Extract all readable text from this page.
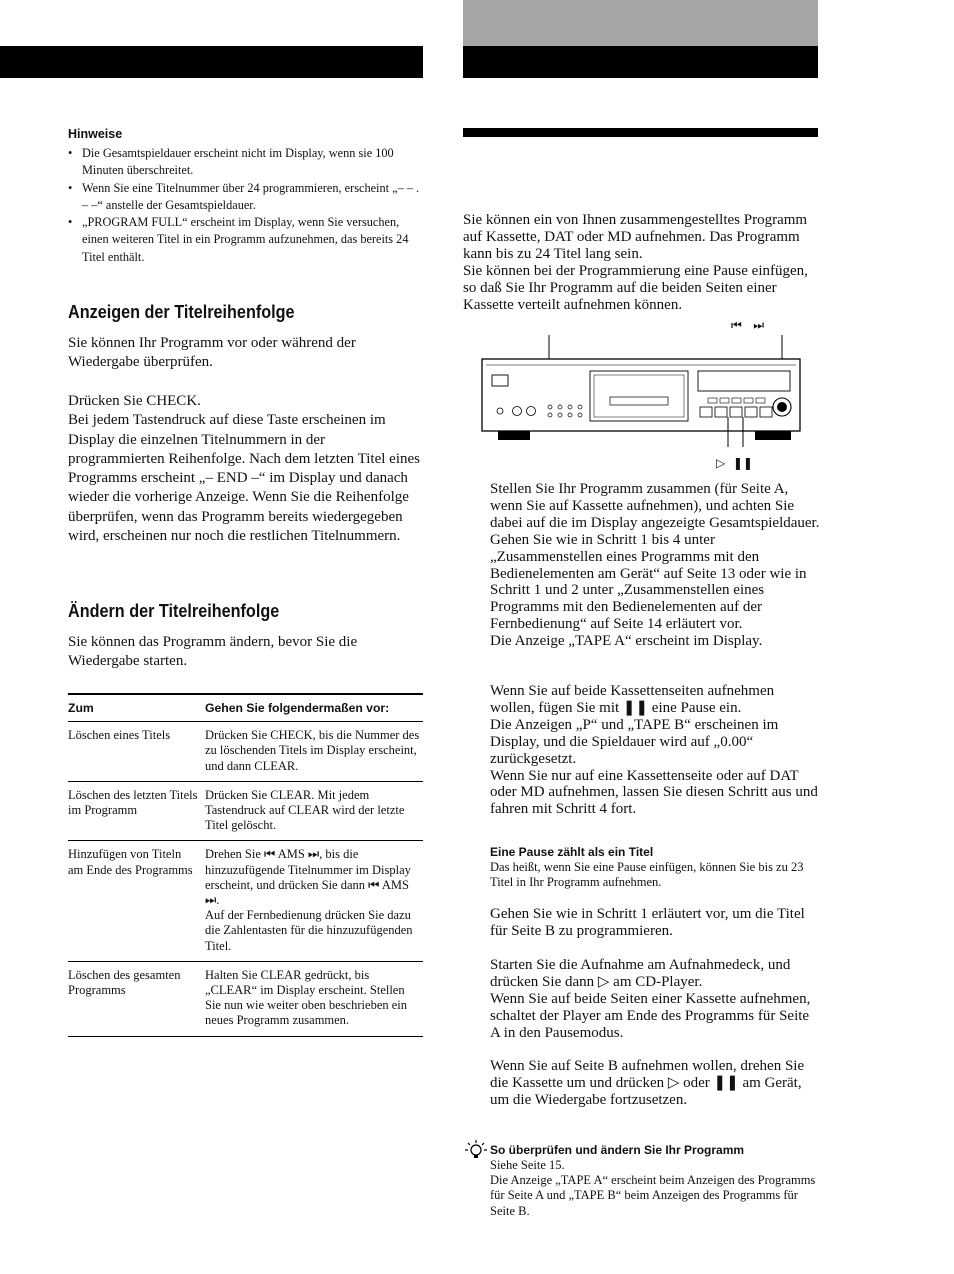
Hinweise
• Die Gesamtspieldauer erscheint nicht im Display, wenn sie 100 Minuten überschreitet.
• Wenn Sie eine Titelnummer über 24 programmieren, erscheint „– – . – –“ anstelle der Gesamtspieldauer.
• „PROGRAM FULL“ erscheint im Display, wenn Sie versuchen, einen weiteren Titel in ein Programm aufzunehmen, das bereits 24 Titel enthält.
Anzeigen der Titelreihenfolge
Sie können Ihr Programm vor oder während der Wiedergabe überprüfen.
Drücken Sie CHECK.
Bei jedem Tastendruck auf diese Taste erscheinen im Display die einzelnen Titelnummern in der programmierten Reihenfolge. Nach dem letzten Titel eines Programms erscheint „– END –“ im Display und danach wieder die vorherige Anzeige. Wenn Sie die Reihenfolge überprüfen, wenn das Programm bereits wiedergegeben wird, erscheinen nur noch die restlichen Titelnummern.
Ändern der Titelreihenfolge
Sie können das Programm ändern, bevor Sie die Wiedergabe starten.
Zum	Gehen Sie folgendermaßen vor:
Löschen eines Titels	Drücken Sie CHECK, bis die Nummer des zu löschenden Titels im Display erscheint, und dann CLEAR.
Löschen des letzten Titels im Programm	Drücken Sie CLEAR. Mit jedem Tastendruck auf CLEAR wird der letzte Titel gelöscht.
Hinzufügen von Titeln am Ende des Programms	Drehen Sie ⏮ AMS ⏭, bis die hinzuzufügende Titelnummer im Display erscheint, und drücken Sie dann ⏮ AMS ⏭.
Auf der Fernbedienung drücken Sie dazu die Zahlentasten für die hinzuzufügenden Titel.
Löschen des gesamten Programms	Halten Sie CLEAR gedrückt, bis „CLEAR“ im Display erscheint. Stellen Sie nun wie weiter oben beschrieben ein neues Programm zusammen.
Sie können ein von Ihnen zusammengestelltes Programm auf Kassette, DAT oder MD aufnehmen. Das Programm kann bis zu 24 Titel lang sein.
Sie können bei der Programmierung eine Pause einfügen, so daß Sie Ihr Programm auf die beiden Seiten einer Kassette verteilt aufnehmen können.
⏮   ⏭
▷  ❚❚
Stellen Sie Ihr Programm zusammen (für Seite A, wenn Sie auf Kassette aufnehmen), und achten Sie dabei auf die im Display angezeigte Gesamtspieldauer.
Gehen Sie wie in Schritt 1 bis 4 unter „Zusammenstellen eines Programms mit den Bedienelementen am Gerät“ auf Seite 13 oder wie in Schritt 1 und 2 unter „Zusammenstellen eines Programms mit den Bedienelementen auf der Fernbedienung“ auf Seite 14 erläutert vor.
Die Anzeige „TAPE A“ erscheint im Display.
Wenn Sie auf beide Kassettenseiten aufnehmen wollen, fügen Sie mit ❚❚ eine Pause ein.
Die Anzeigen „P“ und „TAPE B“ erscheinen im Display, und die Spieldauer wird auf „0.00“ zurückgesetzt.
Wenn Sie nur auf eine Kassettenseite oder auf DAT oder MD aufnehmen, lassen Sie diesen Schritt aus und fahren mit Schritt 4 fort.
Eine Pause zählt als ein Titel
Das heißt, wenn Sie eine Pause einfügen, können Sie bis zu 23 Titel in Ihr Programm aufnehmen.
Gehen Sie wie in Schritt 1 erläutert vor, um die Titel für Seite B zu programmieren.
Starten Sie die Aufnahme am Aufnahmedeck, und drücken Sie dann ▷ am CD-Player.
Wenn Sie auf beide Seiten einer Kassette aufnehmen, schaltet der Player am Ende des Programms für Seite A in den Pausemodus.
Wenn Sie auf Seite B aufnehmen wollen, drehen Sie die Kassette um und drücken ▷ oder ❚❚ am Gerät, um die Wiedergabe fortzusetzen.
So überprüfen und ändern Sie Ihr Programm
Siehe Seite 15.
Die Anzeige „TAPE A“ erscheint beim Anzeigen des Programms für Seite A und „TAPE B“ beim Anzeigen des Programms für Seite B.
